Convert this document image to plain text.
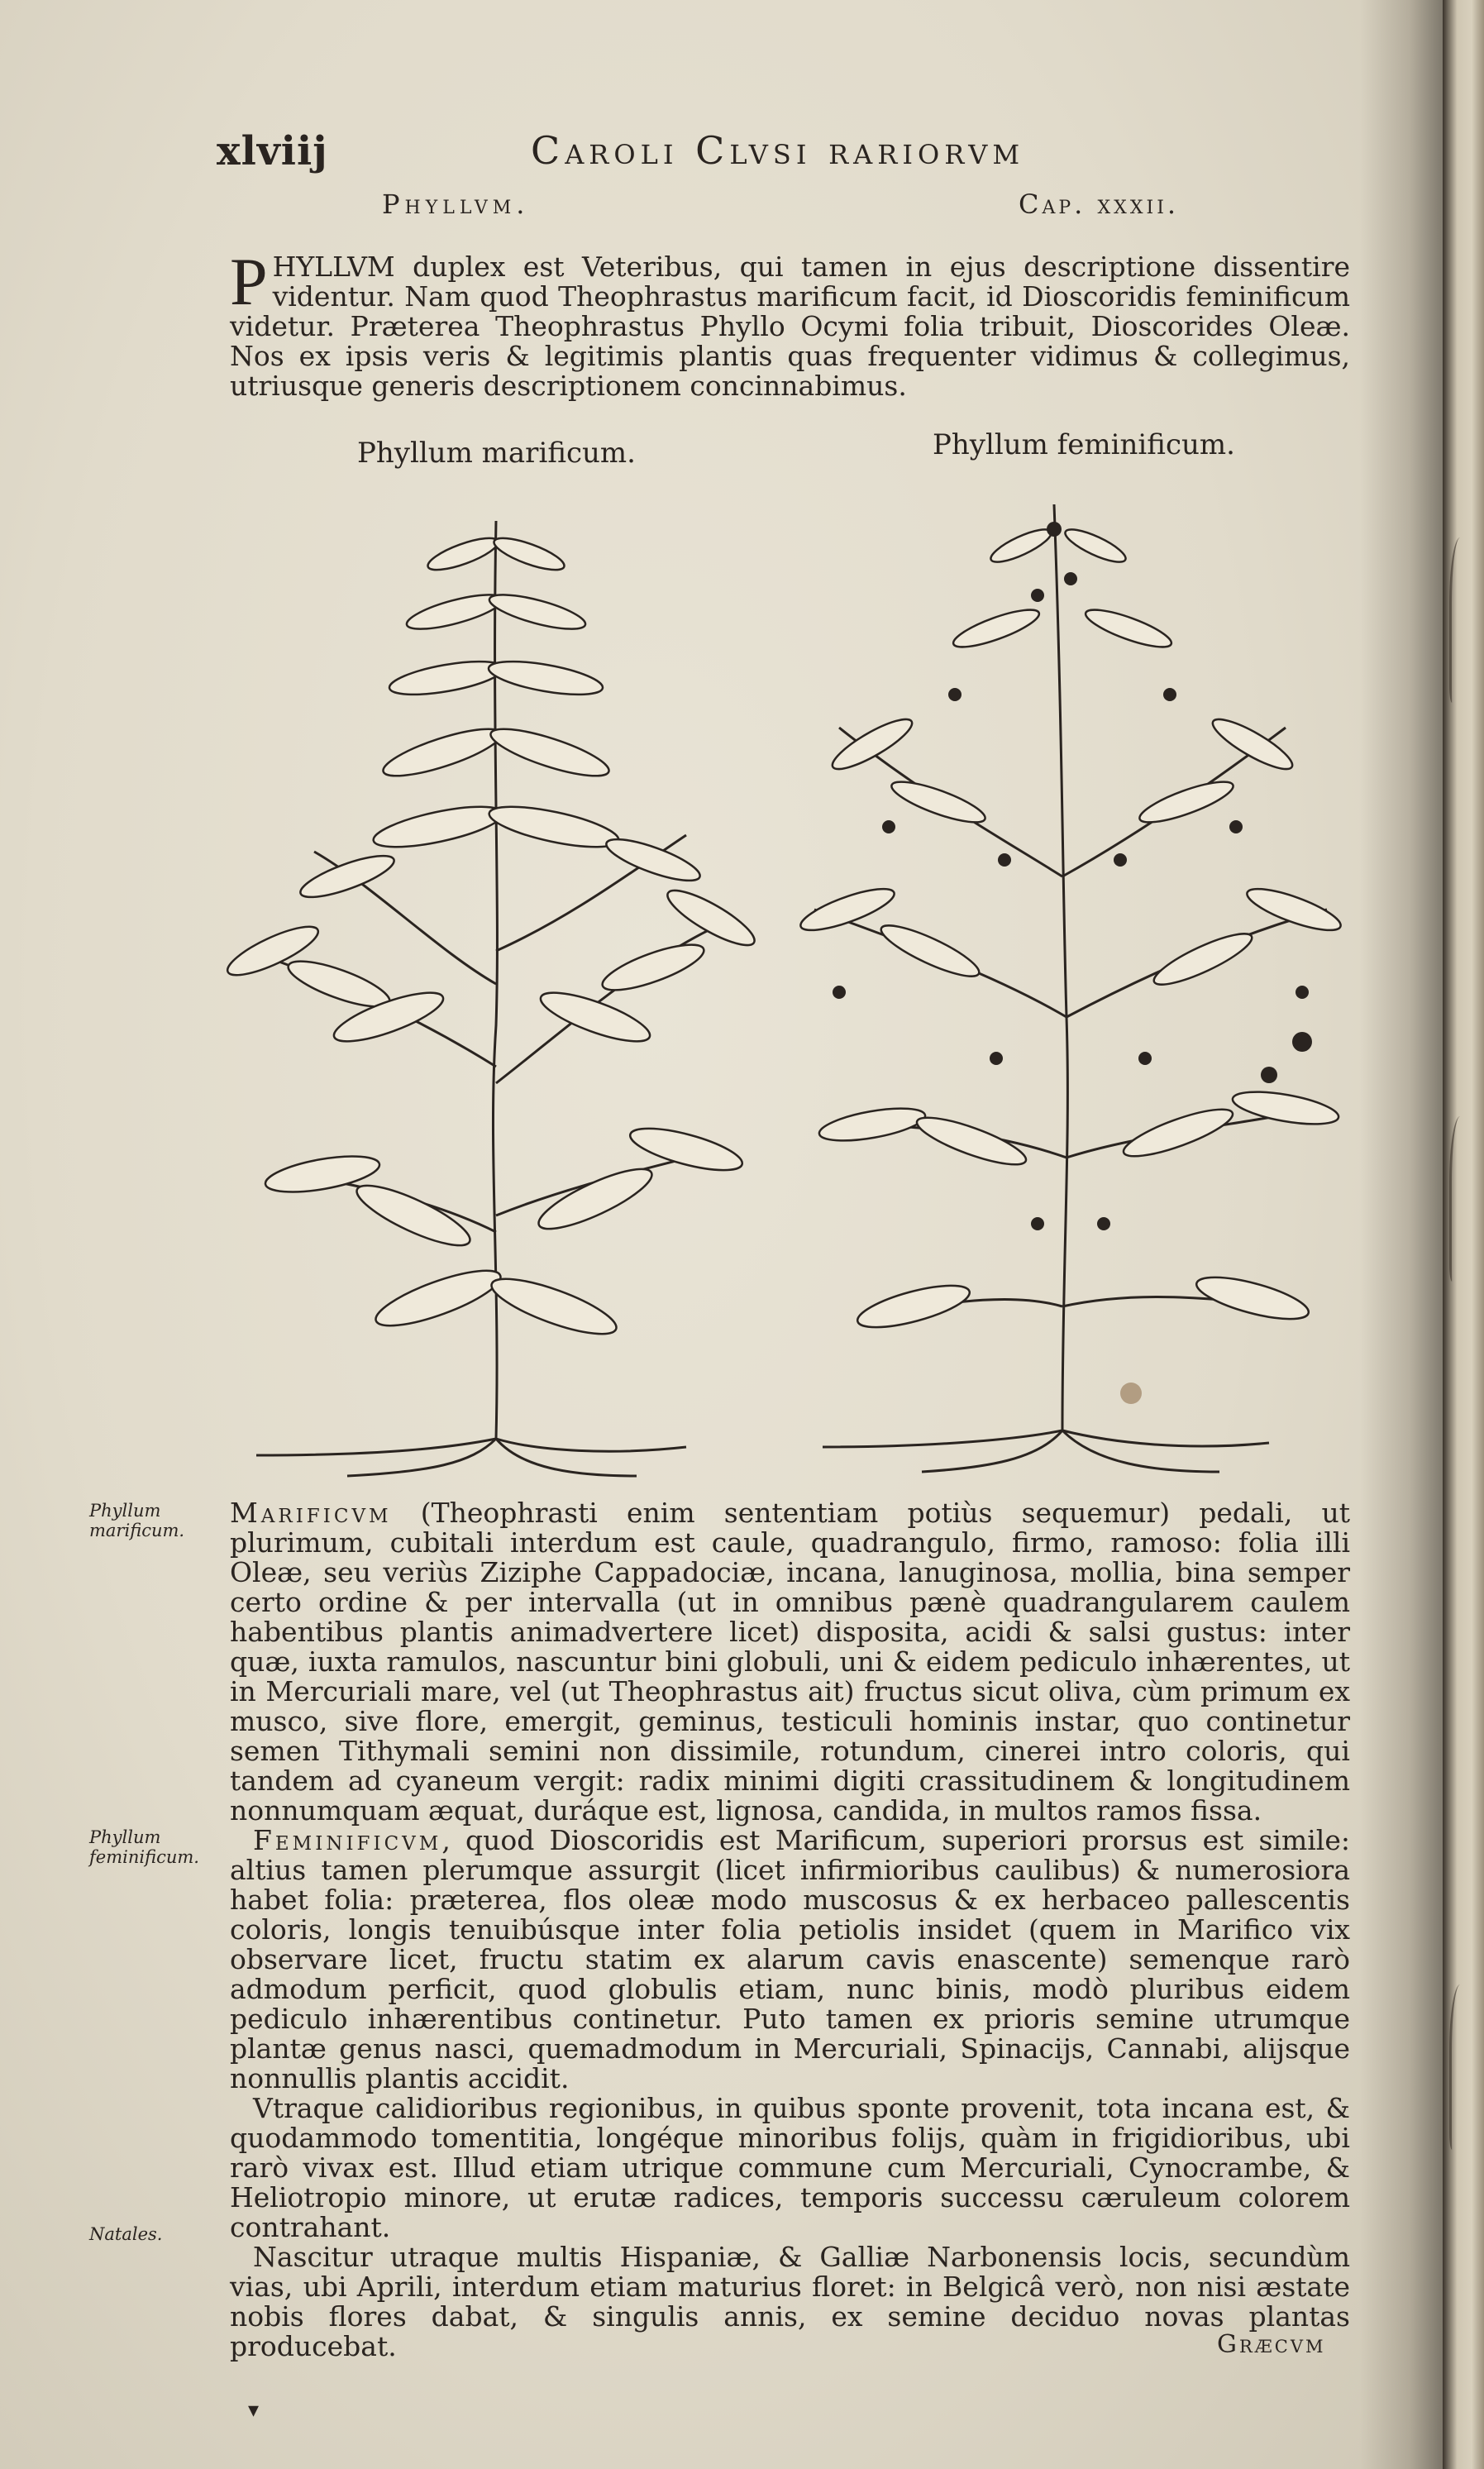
xlviij	Caroli Clvsi rariorvm
Phyllvm.	Cap. xxxii.
PHYLLVM duplex est Veteribus, qui tamen in ejus descriptione dissentire videntur. Nam quod Theophrastus marificum facit, id Dioscoridis feminificum videtur. Præterea Theophrastus Phyllo Ocymi folia tribuit, Dioscorides Oleæ. Nos ex ipsis veris & legitimis plantis quas frequenter vidimus & collegimus, utriusque generis descriptionem concinnabimus.
Phyllum marificum.	Phyllum feminificum.
Phyllum marificum.
Phyllum feminificum.
Natales.

Marificvm (Theophrasti enim sententiam potiùs sequemur) pedali, ut plurimum, cubitali interdum est caule, quadrangulo, firmo, ramoso: folia illi Oleæ, seu veriùs Ziziphe Cappadociæ, incana, lanuginosa, mollia, bina semper certo ordine & per intervalla (ut in omnibus pænè quadrangularem caulem habentibus plantis animadvertere licet) disposita, acidi & salsi gustus: inter quæ, iuxta ramulos, nascuntur bini globuli, uni & eidem pediculo inhærentes, ut in Mercuriali mare, vel (ut Theophrastus ait) fructus sicut oliva, cùm primum ex musco, sive flore, emergit, geminus, testiculi hominis instar, quo continetur semen Tithymali semini non dissimile, rotundum, cinerei intro coloris, qui tandem ad cyaneum vergit: radix minimi digiti crassitudinem & longitudinem nonnumquam æquat, duráque est, lignosa, candida, in multos ramos fissa.

Feminificvm, quod Dioscoridis est Marificum, superiori prorsus est simile: altius tamen plerumque assurgit (licet infirmioribus caulibus) & numerosiora habet folia: præterea, flos oleæ modo muscosus & ex herbaceo pallescentis coloris, longis tenuibúsque inter folia petiolis insidet (quem in Marifico vix observare licet, fructu statim ex alarum cavis enascente) semenque rarò admodum perficit, quod globulis etiam, nunc binis, modò pluribus eidem pediculo inhærentibus continetur. Puto tamen ex prioris semine utrumque plantæ genus nasci, quemadmodum in Mercuriali, Spinacijs, Cannabi, alijsque nonnullis plantis accidit.

Vtraque calidioribus regionibus, in quibus sponte provenit, tota incana est, & quodammodo tomentitia, longéque minoribus folijs, quàm in frigidioribus, ubi rarò vivax est. Illud etiam utrique commune cum Mercuriali, Cynocrambe, & Heliotropio minore, ut erutæ radices, temporis successu cæruleum colorem contrahant.

Nascitur utraque multis Hispaniæ, & Galliæ Narbonensis locis, secundùm vias, ubi Aprili, interdum etiam maturius floret: in Belgicâ verò, non nisi æstate nobis flores dabat, & singulis annis, ex semine deciduo novas plantas producebat.	Græcvm
▾
